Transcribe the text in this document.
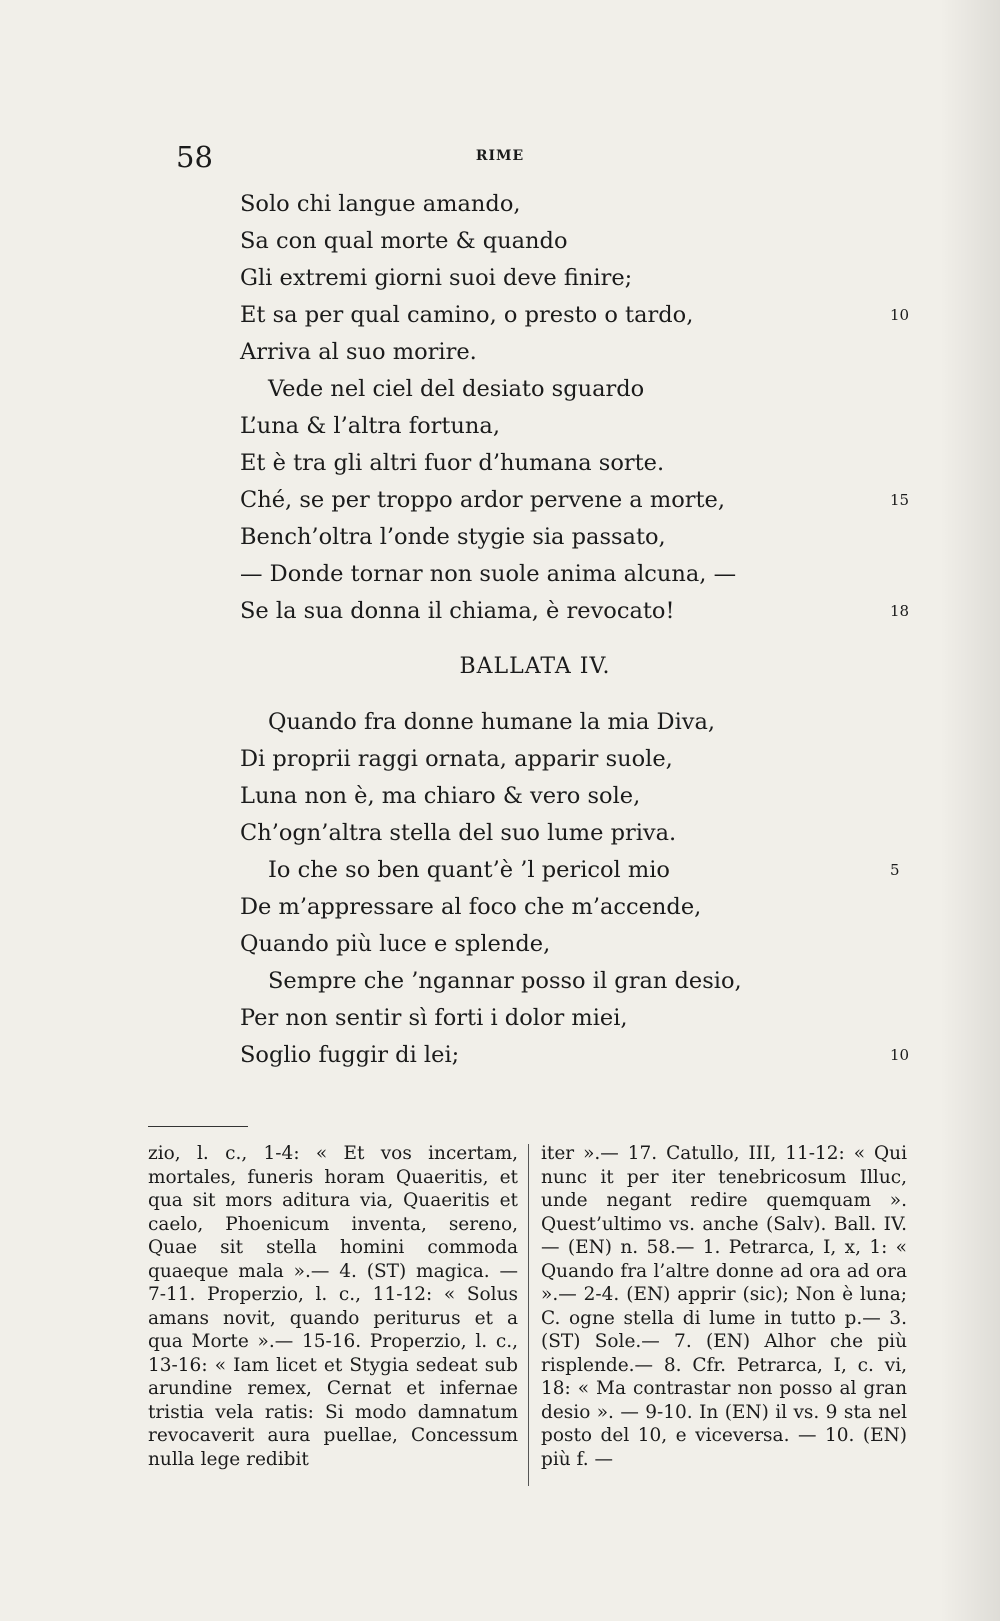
58	RIME
Solo chi langue amando,
Sa con qual morte & quando
Gli extremi giorni suoi deve finire;
Et sa per qual camino, o presto o tardo,	10
Arriva al suo morire.
Vede nel ciel del desiato sguardo
L’una & l’altra fortuna,
Et è tra gli altri fuor d’humana sorte.
Ché, se per troppo ardor pervene a morte,	15
Bench’oltra l’onde stygie sia passato,
— Donde tornar non suole anima alcuna, —
Se la sua donna il chiama, è revocato!	18
BALLATA IV.
Quando fra donne humane la mia Diva,
Di proprii raggi ornata, apparir suole,
Luna non è, ma chiaro & vero sole,
Ch’ogn’altra stella del suo lume priva.
Io che so ben quant’è ’l pericol mio	5
De m’appressare al foco che m’accende,
Quando più luce e splende,
Sempre che ’ngannar posso il gran desio,
Per non sentir sì forti i dolor miei,
Soglio fuggir di lei;	10

zio, l. c., 1-4: « Et vos incertam, mortales, funeris horam Quaeritis, et qua sit mors aditura via, Quaeritis et caelo, Phoenicum inventa, sereno, Quae sit stella homini commoda quaeque mala ».— 4. (ST) magica. — 7-11. Properzio, l. c., 11-12: « Solus amans novit, quando periturus et a qua Morte ».— 15-16. Properzio, l. c., 13-16: « Iam licet et Stygia sedeat sub arundine remex, Cernat et infernae tristia vela ratis: Si modo damnatum revocaverit aura puellae, Concessum nulla lege redibit

iter ».— 17. Catullo, III, 11-12: « Qui nunc it per iter tenebricosum Illuc, unde negant redire quemquam ». Quest’ultimo vs. anche (Salv). Ball. IV. — (EN) n. 58.— 1. Petrarca, I, x, 1: « Quando fra l’altre donne ad ora ad ora ».— 2-4. (EN) apprir (sic); Non è luna; C. ogne stella di lume in tutto p.— 3. (ST) Sole.— 7. (EN) Alhor che più risplende.— 8. Cfr. Petrarca, I, c. vi, 18: « Ma contrastar non posso al gran desio ». — 9-10. In (EN) il vs. 9 sta nel posto del 10, e viceversa. — 10. (EN) più f. —
